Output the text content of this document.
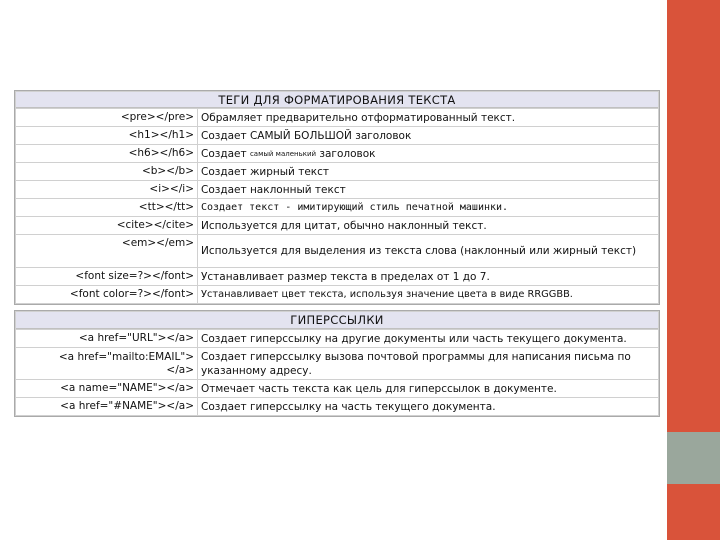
ТЕГИ ДЛЯ ФОРМАТИРОВАНИЯ ТЕКСТА
<pre></pre> Обрамляет предварительно отформатированный текст.
<h1></h1> Создает
САМЫЙ БОЛЬШОЙ
заголовок
<h6></h6> Создает
самый маленький
заголовок
<b></b> Создает жирный текст
<i></i> Создает наклонный текст
<tt></tt> Создает текст - имитирующий стиль печатной машинки.
<cite></cite> Используется для цитат, обычно наклонный текст.
<em></em>
Используется для выделения из текста слова (наклонный или жирный текст)
<font size=?></font> Устанавливает размер текста в пределах от 1 до 7.
<font color=?></font> Устанавливает цвет текста, используя значение цвета в виде RRGGBB.
ГИПЕРССЫЛКИ
<a href="URL"></a> Создает гиперссылку на другие документы или часть текущего документа.
<a href="mailto:EMAIL">
</a>
Создает гиперссылку вызова почтовой программы для написания письма по указанному адресу.
<a name="NAME"></a> Отмечает часть текста как цель для гиперссылок в документе.
<a href="#NAME"></a> Создает гиперссылку на часть текущего документа.
